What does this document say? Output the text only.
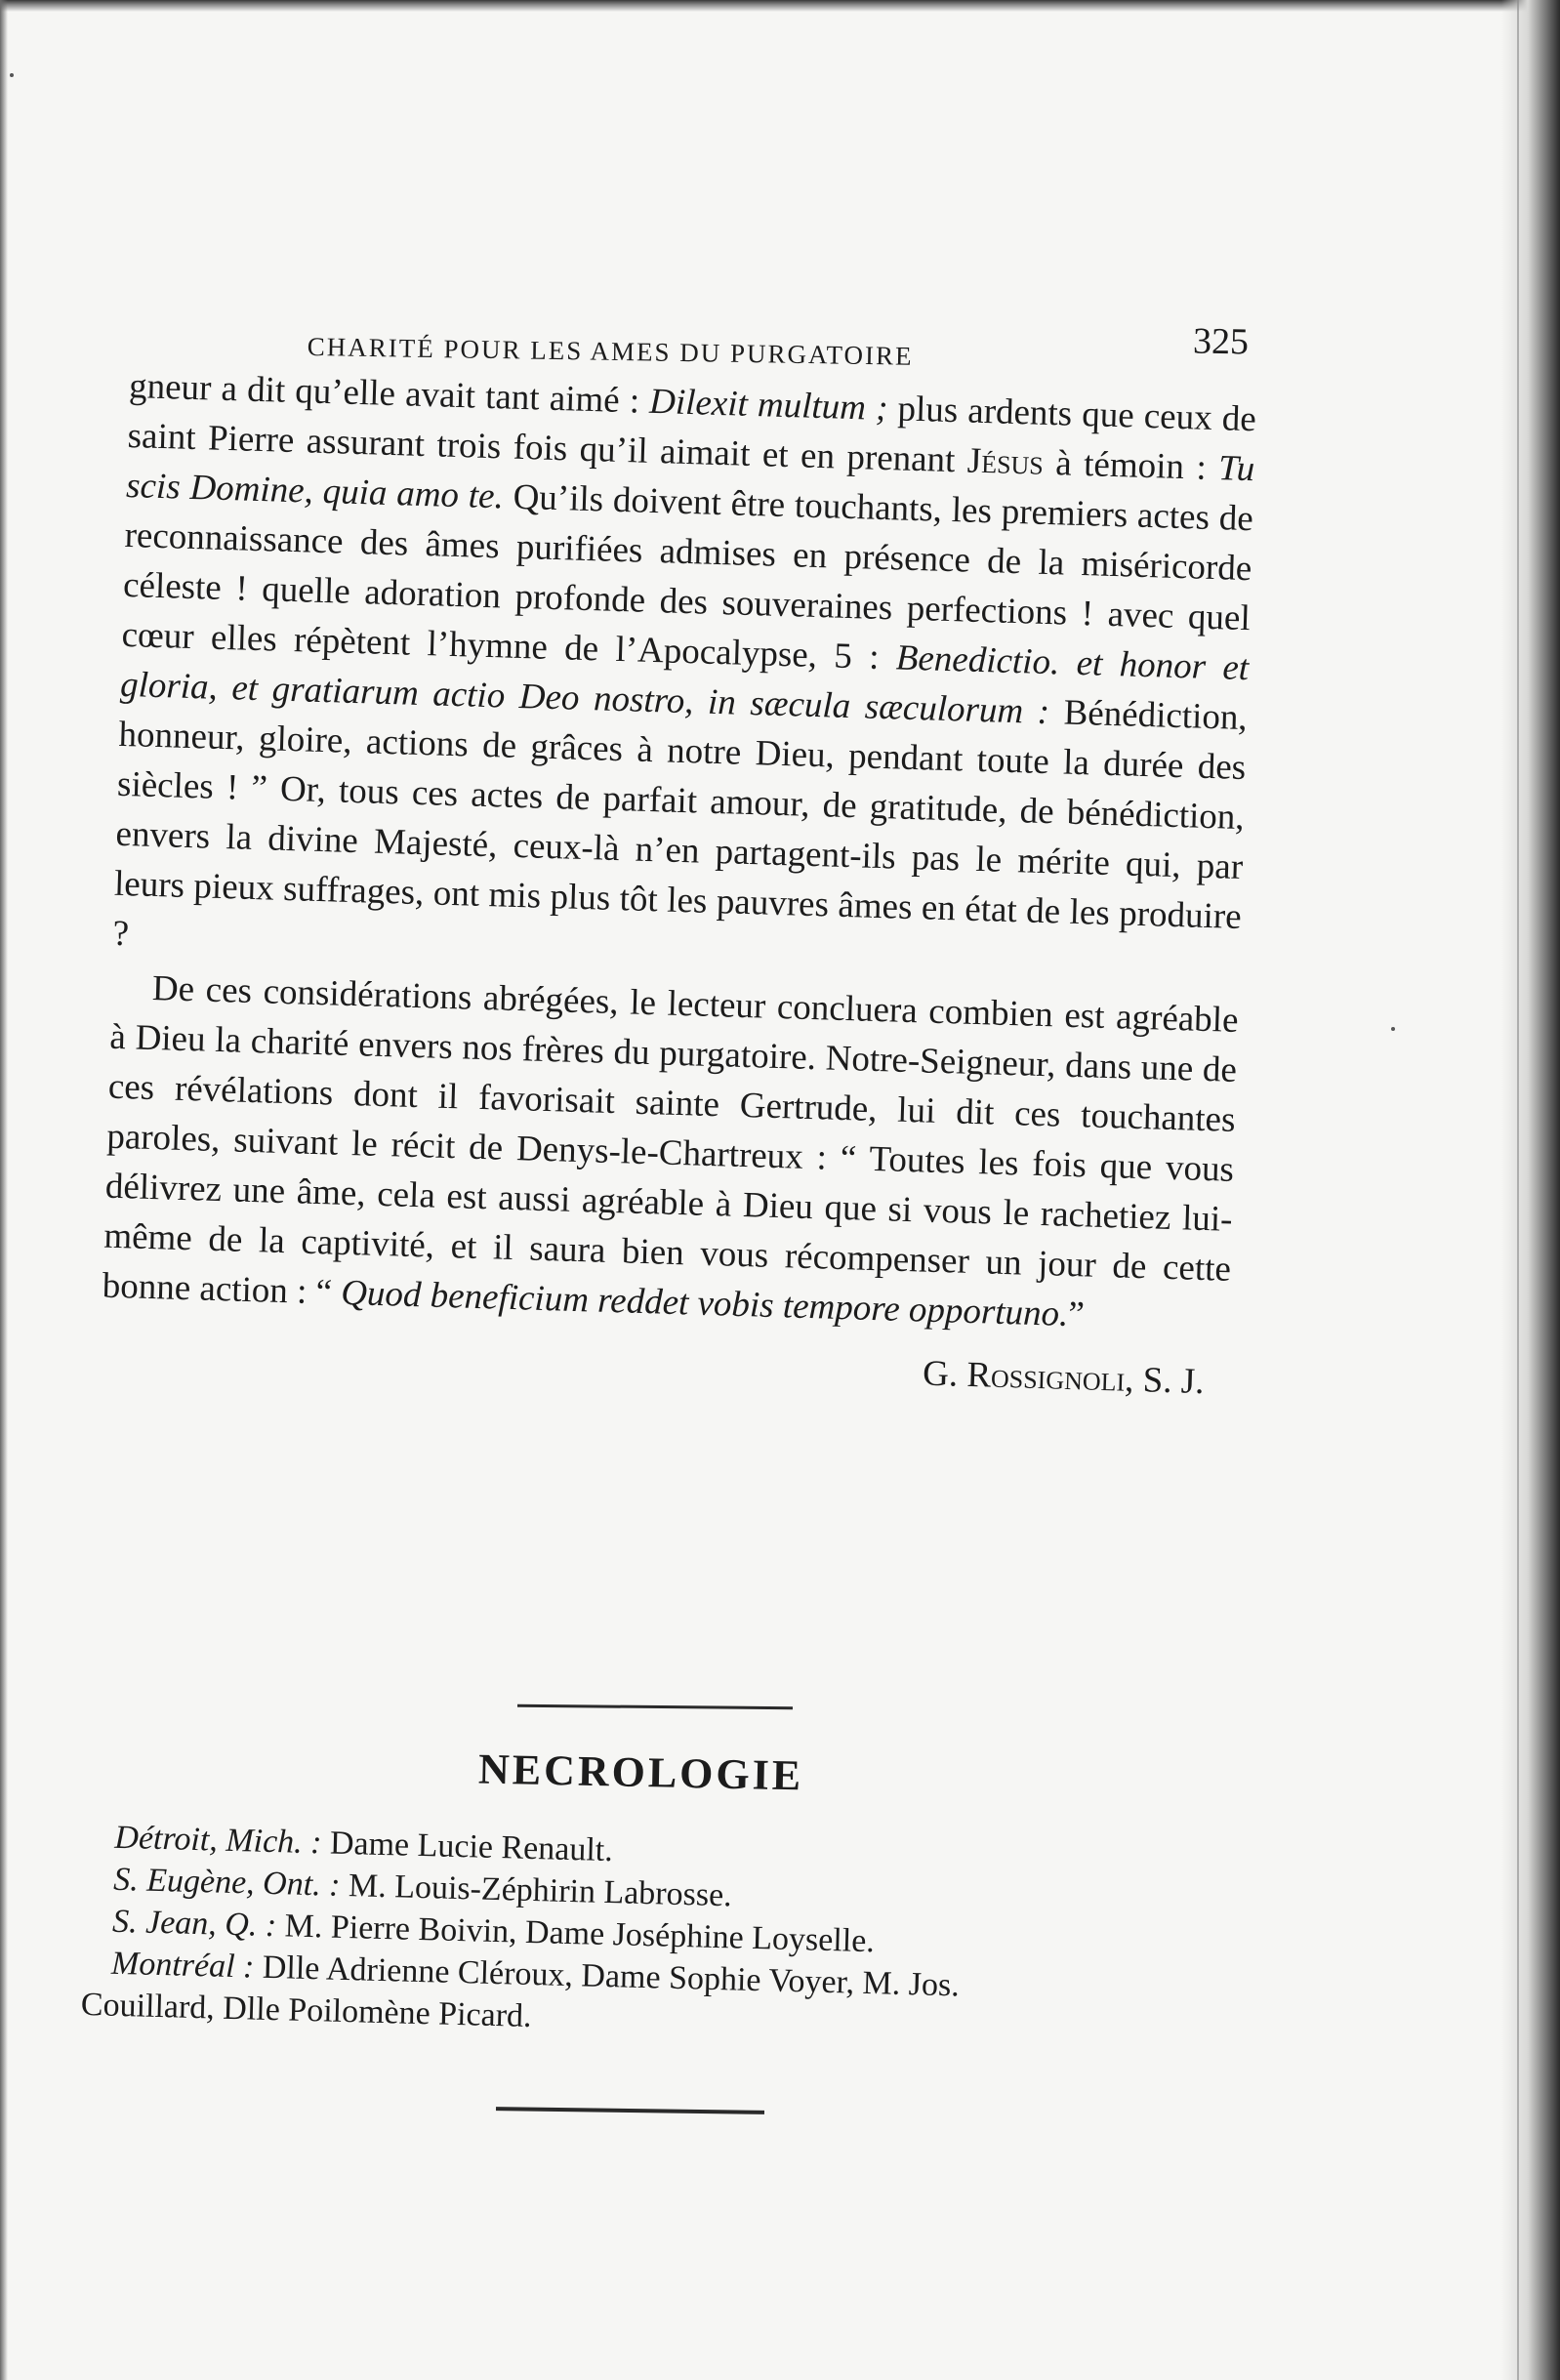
CHARITÉ POUR LES AMES DU PURGATOIRE	325

gneur a dit qu’elle avait tant aimé : Dilexit multum ; plus ardents que ceux de saint Pierre assurant trois fois qu’il aimait et en prenant Jésus à témoin : Tu scis Domine, quia amo te. Qu’ils doivent être touchants, les premiers actes de reconnaissance des âmes purifiées admises en présence de la miséricorde céleste ! quelle adoration profonde des souveraines perfections ! avec quel cœur elles répètent l’hymne de l’Apocalypse, 5 : Benedictio. et honor et gloria, et gratiarum actio Deo nostro, in sæcula sæculorum : Bénédiction, honneur, gloire, actions de grâces à notre Dieu, pendant toute la durée des siècles ! ” Or, tous ces actes de parfait amour, de gratitude, de bénédiction, envers la divine Majesté, ceux-là n’en partagent-ils pas le mérite qui, par leurs pieux suffrages, ont mis plus tôt les pauvres âmes en état de les produire ?

De ces considérations abrégées, le lecteur concluera combien est agréable à Dieu la charité envers nos frères du purgatoire. Notre-Seigneur, dans une de ces révélations dont il favorisait sainte Gertrude, lui dit ces touchantes paroles, suivant le récit de Denys-le-Chartreux : “ Toutes les fois que vous délivrez une âme, cela est aussi agréable à Dieu que si vous le rachetiez lui-même de la captivité, et il saura bien vous récompenser un jour de cette bonne action : “ Quod beneficium reddet vobis tempore opportuno.”

G. Rossignoli, S. J.
NECROLOGIE
Détroit, Mich. : Dame Lucie Renault.
S. Eugène, Ont. : M. Louis-Zéphirin Labrosse.
S. Jean, Q. : M. Pierre Boivin, Dame Joséphine Loyselle.
Montréal : Dlle Adrienne Cléroux, Dame Sophie Voyer, M. Jos.
Couillard, Dlle Poilomène Picard.
